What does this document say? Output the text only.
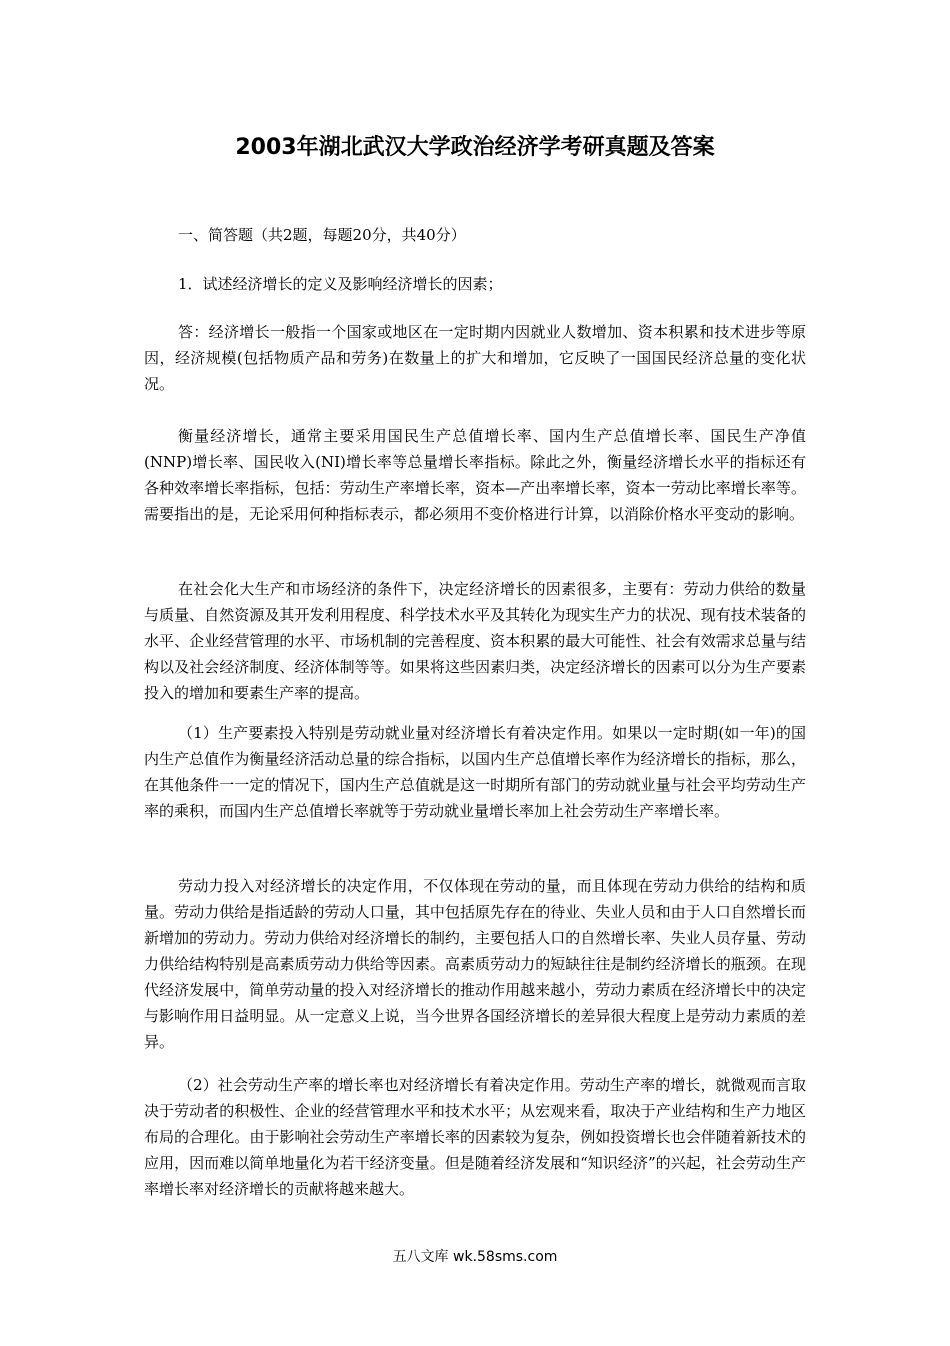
2003年湖北武汉大学政治经济学考研真题及答案

一、简答题（共2题，每题20分，共40分）

1．试述经济增长的定义及影响经济增长的因素；

答：经济增长一般指一个国家或地区在一定时期内因就业人数增加、资本积累和技术进步等原因，经济规模(包括物质产品和劳务)在数量上的扩大和增加，它反映了一国国民经济总量的变化状况。

衡量经济增长，通常主要采用国民生产总值增长率、国内生产总值增长率、国民生产净值(NNP)增长率、国民收入(NI)增长率等总量增长率指标。除此之外，衡量经济增长水平的指标还有各种效率增长率指标，包括：劳动生产率增长率，资本—产出率增长率，资本一劳动比率增长率等。需要指出的是，无论采用何种指标表示，都必须用不变价格进行计算，以消除价格水平变动的影响。

在社会化大生产和市场经济的条件下，决定经济增长的因素很多，主要有：劳动力供给的数量与质量、自然资源及其开发利用程度、科学技术水平及其转化为现实生产力的状况、现有技术装备的水平、企业经营管理的水平、市场机制的完善程度、资本积累的最大可能性、社会有效需求总量与结构以及社会经济制度、经济体制等等。如果将这些因素归类，决定经济增长的因素可以分为生产要素投入的增加和要素生产率的提高。

（1）生产要素投入特别是劳动就业量对经济增长有着决定作用。如果以一定时期(如一年)的国内生产总值作为衡量经济活动总量的综合指标，以国内生产总值增长率作为经济增长的指标，那么，在其他条件一一定的情况下，国内生产总值就是这一时期所有部门的劳动就业量与社会平均劳动生产率的乘积，而国内生产总值增长率就等于劳动就业量增长率加上社会劳动生产率增长率。

劳动力投入对经济增长的决定作用，不仅体现在劳动的量，而且体现在劳动力供给的结构和质量。劳动力供给是指适龄的劳动人口量，其中包括原先存在的待业、失业人员和由于人口自然增长而新增加的劳动力。劳动力供给对经济增长的制约，主要包括人口的自然增长率、失业人员存量、劳动力供给结构特别是高素质劳动力供给等因素。高素质劳动力的短缺往往是制约经济增长的瓶颈。在现代经济发展中，简单劳动量的投入对经济增长的推动作用越来越小，劳动力素质在经济增长中的决定与影响作用日益明显。从一定意义上说，当今世界各国经济增长的差异很大程度上是劳动力素质的差异。

（2）社会劳动生产率的增长率也对经济增长有着决定作用。劳动生产率的增长，就微观而言取决于劳动者的积极性、企业的经营管理水平和技术水平；从宏观来看，取决于产业结构和生产力地区布局的合理化。由于影响社会劳动生产率增长率的因素较为复杂，例如投资增长也会伴随着新技术的应用，因而难以简单地量化为若干经济变量。但是随着经济发展和“知识经济”的兴起，社会劳动生产率增长率对经济增长的贡献将越来越大。

五八文库 wk.58sms.com
